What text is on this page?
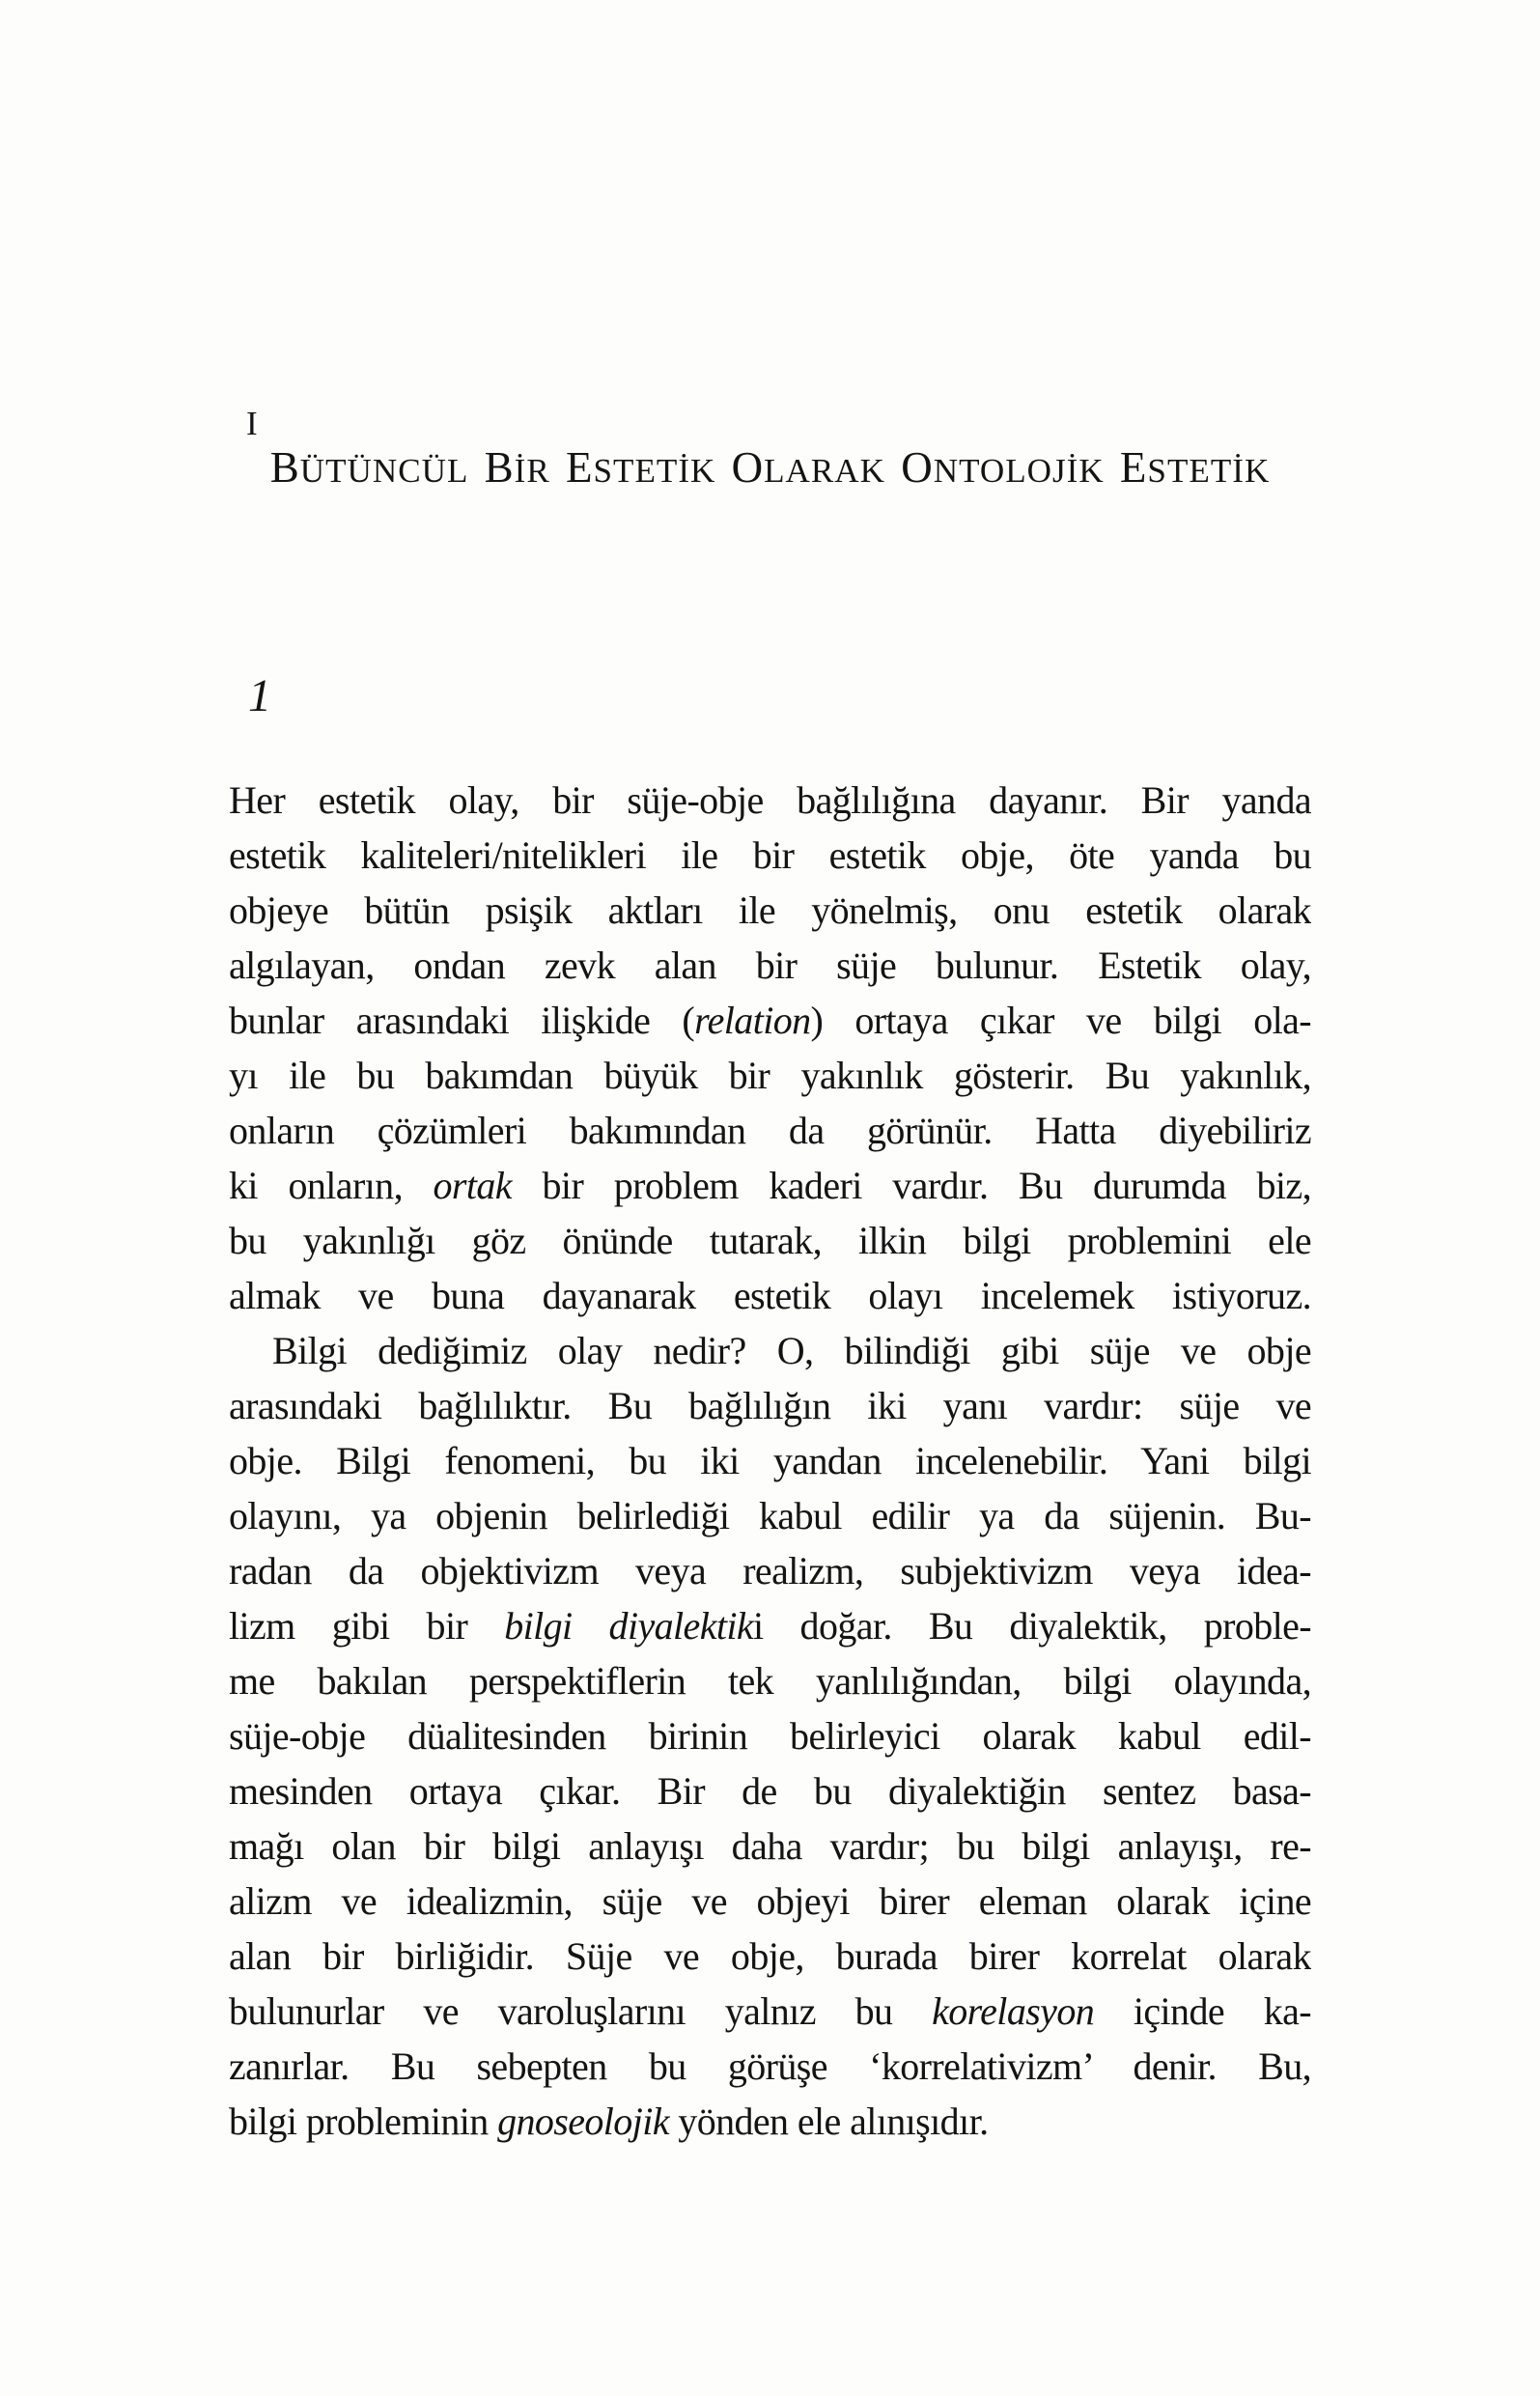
I
BÜTÜNCÜL BİR ESTETİK OLARAK ONTOLOJİK ESTETİK
1
Her estetik olay, bir süje-obje bağlılığına dayanır. Bir yanda
estetik kaliteleri/nitelikleri ile bir estetik obje, öte yanda bu
objeye bütün psişik aktları ile yönelmiş, onu estetik olarak
algılayan, ondan zevk alan bir süje bulunur. Estetik olay,
bunlar arasındaki ilişkide (relation) ortaya çıkar ve bilgi ola-
yı ile bu bakımdan büyük bir yakınlık gösterir. Bu yakınlık,
onların çözümleri bakımından da görünür. Hatta diyebiliriz
ki onların, ortak bir problem kaderi vardır. Bu durumda biz,
bu yakınlığı göz önünde tutarak, ilkin bilgi problemini ele
almak ve buna dayanarak estetik olayı incelemek istiyoruz.
Bilgi dediğimiz olay nedir? O, bilindiği gibi süje ve obje
arasındaki bağlılıktır. Bu bağlılığın iki yanı vardır: süje ve
obje. Bilgi fenomeni, bu iki yandan incelenebilir. Yani bilgi
olayını, ya objenin belirlediği kabul edilir ya da süjenin. Bu-
radan da objektivizm veya realizm, subjektivizm veya idea-
lizm gibi bir bilgi diyalektiki doğar. Bu diyalektik, proble-
me bakılan perspektiflerin tek yanlılığından, bilgi olayında,
süje-obje düalitesinden birinin belirleyici olarak kabul edil-
mesinden ortaya çıkar. Bir de bu diyalektiğin sentez basa-
mağı olan bir bilgi anlayışı daha vardır; bu bilgi anlayışı, re-
alizm ve idealizmin, süje ve objeyi birer eleman olarak içine
alan bir birliğidir. Süje ve obje, burada birer korrelat olarak
bulunurlar ve varoluşlarını yalnız bu korelasyon içinde ka-
zanırlar. Bu sebepten bu görüşe ‘korrelativizm’ denir. Bu,
bilgi probleminin gnoseolojik yönden ele alınışıdır.
